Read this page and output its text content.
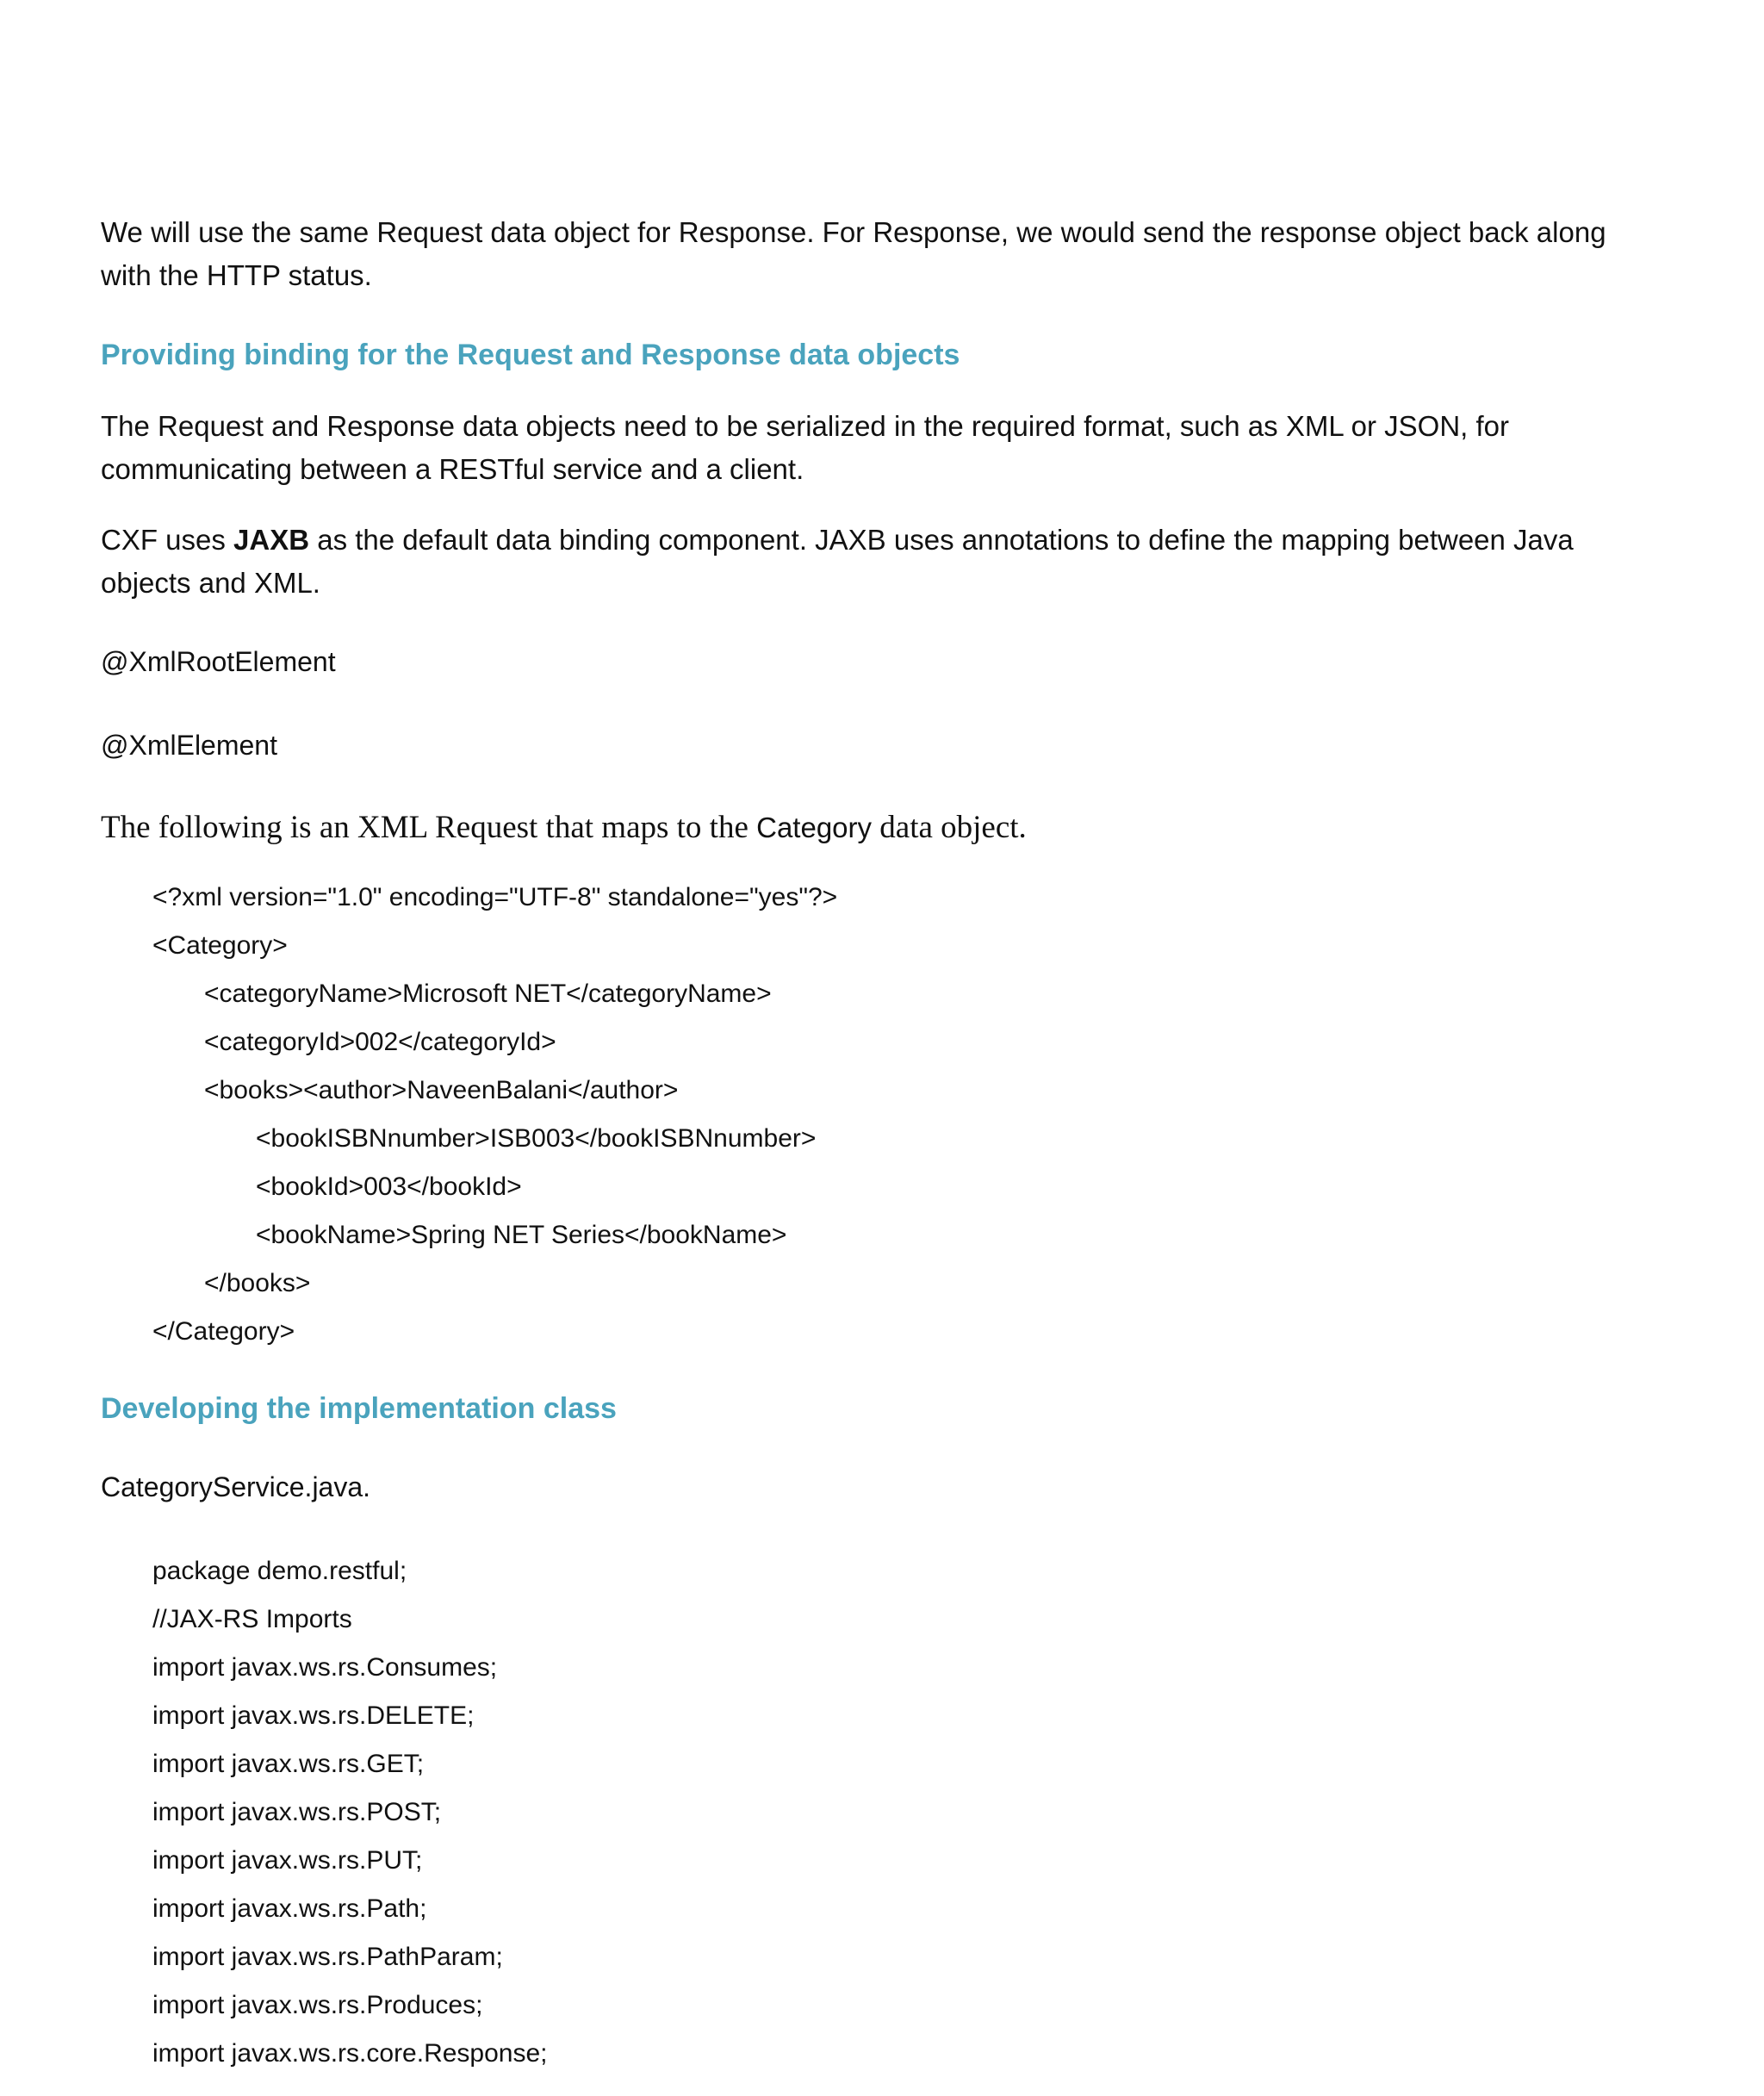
We will use the same Request data object for Response. For Response, we would send the response object back along with the HTTP status.

Providing binding for the Request and Response data objects

The Request and Response data objects need to be serialized in the required format, such as XML or JSON, for communicating between a RESTful service and a client.

CXF uses JAXB as the default data binding component. JAXB uses annotations to define the mapping between Java objects and XML.

@XmlRootElement

@XmlElement

The following is an XML Request that maps to the Category data object.

<?xml version="1.0" encoding="UTF-8" standalone="yes"?>
<Category>
<categoryName>Microsoft NET</categoryName>
<categoryId>002</categoryId>
<books><author>NaveenBalani</author>
<bookISBNnumber>ISB003</bookISBNnumber>
<bookId>003</bookId>
<bookName>Spring NET Series</bookName>
</books>
</Category>
Developing the implementation class

CategoryService.java.

package demo.restful;
//JAX-RS Imports
import javax.ws.rs.Consumes;
import javax.ws.rs.DELETE;
import javax.ws.rs.GET;
import javax.ws.rs.POST;
import javax.ws.rs.PUT;
import javax.ws.rs.Path;
import javax.ws.rs.PathParam;
import javax.ws.rs.Produces;
import javax.ws.rs.core.Response;
